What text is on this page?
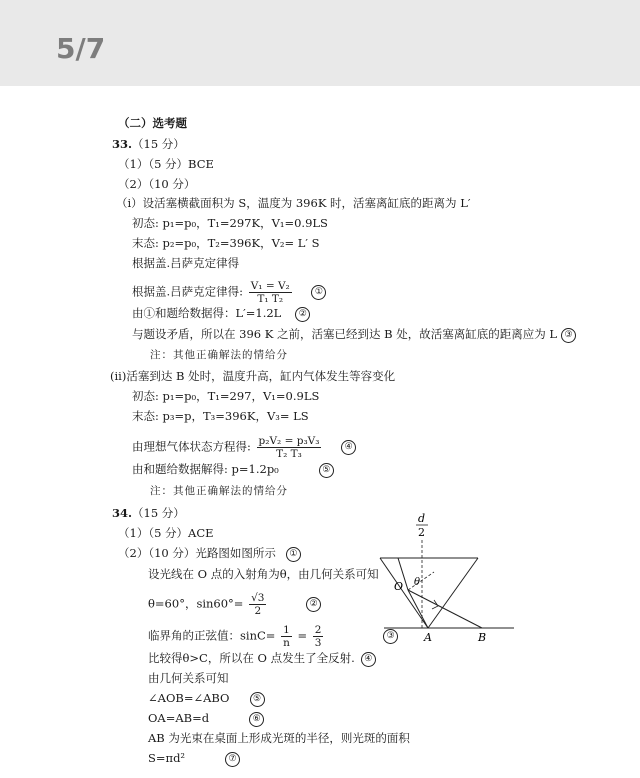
5/7
（二）选考题
33.（15 分）
（1）（5 分）BCE
（2）（10 分）
（i）设活塞横截面积为 S，温度为 396K 时，活塞离缸底的距离为 L′
初态: p₁=p₀，T₁=297K，V₁=0.9LS
末态: p₂=p₀，T₂=396K，V₂= L′ S
根据盖.吕萨克定律得
根据盖.吕萨克定律得: $\frac{\text{V₁ = V₂}}{\text{T₁ T₂}}$	①
由①和题给数据得：L′=1.2L ②
与题设矛盾，所以在 396 K 之前，活塞已经到达 B 处，故活塞离缸底的距离应为 L ③
注：其他正确解法的情给分
(ii)活塞到达 B 处时，温度升高，缸内气体发生等容变化
初态: p₁=p₀，T₁=297，V₁=0.9LS
末态: p₃=p，T₃=396K，V₃= LS
由理想气体状态方程得: $\frac{\text{p₂V₂ = p₃V₃}}{\text{T₂ T₃}}$	④
由和题给数据解得: p=1.2p₀	⑤
注：其他正确解法的情给分
34.（15 分）
（1）（5 分）ACE
（2）（10 分）光路图如图所示 ①
设光线在 O 点的入射角为θ，由几何关系可知
θ=60°，$\sin 60^\circ= \frac{√3}{2}$	②
临界角的正弦值：$\sin C= \frac{1}{n} = \frac{2}{3}$	③
比较得θ>C，所以在 O 点发生了全反射. ④
由几何关系可知
∠AOB=∠ABO	⑤
OA=AB=d	⑥
AB 为光束在桌面上形成光斑的半径，则光斑的面积
S=πd²	⑦
d
2
O θ
A	B
